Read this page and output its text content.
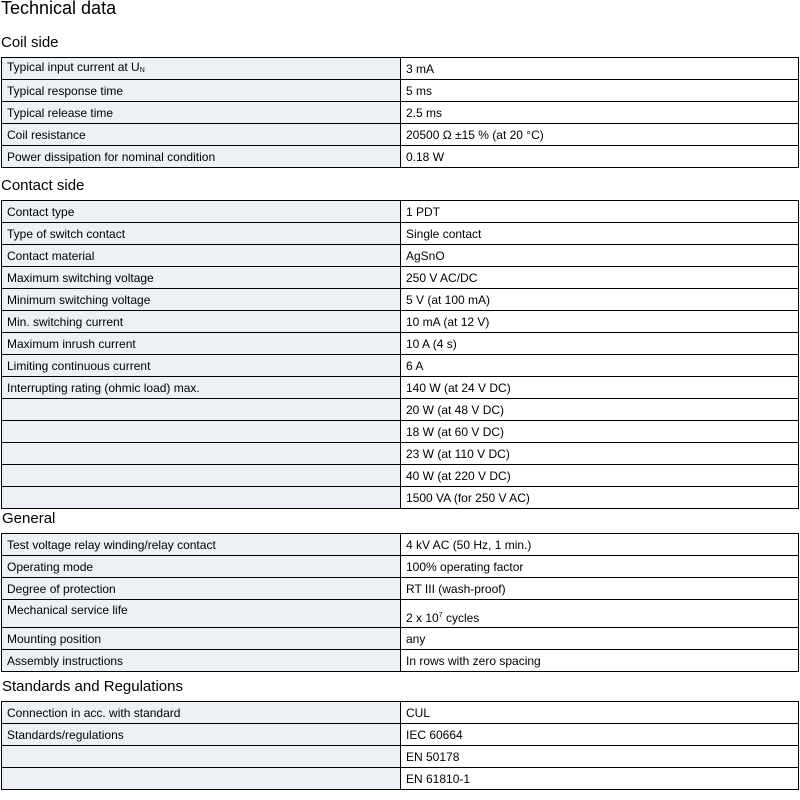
Technical data
Coil side
Typical input current at $U_N$	3 mA
Typical response time	5 ms
Typical release time	2.5 ms
Coil resistance	20500 Ω ±15 % (at 20 °C)
Power dissipation for nominal condition	0.18 W
Contact side
Contact type	1 PDT
Type of switch contact	Single contact
Contact material	AgSnO
Maximum switching voltage	250 V AC/DC
Minimum switching voltage	5 V (at 100 mA)
Min. switching current	10 mA (at 12 V)
Maximum inrush current	10 A (4 s)
Limiting continuous current	6 A
Interrupting rating (ohmic load) max.	140 W (at 24 V DC)
	20 W (at 48 V DC)
	18 W (at 60 V DC)
	23 W (at 110 V DC)
	40 W (at 220 V DC)
	1500 VA (for 250 V AC)
General
Test voltage relay winding/relay contact	4 kV AC (50 Hz, 1 min.)
Operating mode	100% operating factor
Degree of protection	RT III (wash-proof)
Mechanical service life	2 x $10^7$ cycles
Mounting position	any
Assembly instructions	In rows with zero spacing
Standards and Regulations
Connection in acc. with standard	CUL
Standards/regulations	IEC 60664
	EN 50178
	EN 61810-1
